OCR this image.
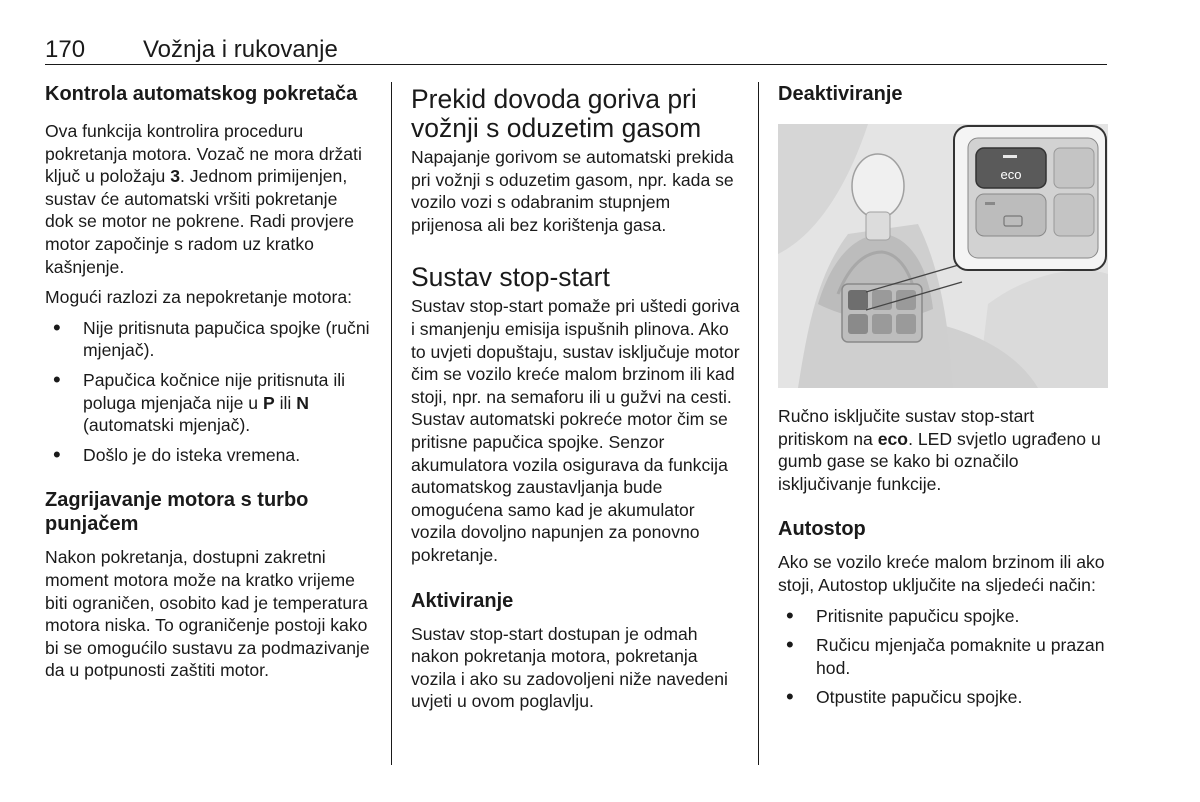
170 Vožnja i rukovanje
Kontrola automatskog pokretača

Ova funkcija kontrolira proceduru pokretanja motora. Vozač ne mora držati ključ u položaju 3. Jednom primijenjen, sustav će automatski vršiti pokretanje dok se motor ne pokrene. Radi provjere motor započinje s radom uz kratko kašnjenje.

Mogući razlozi za nepokretanje motora:

• Nije pritisnuta papučica spojke (ručni mjenjač).
• Papučica kočnice nije pritisnuta ili poluga mjenjača nije u P ili N (automatski mjenjač).
• Došlo je do isteka vremena.
Zagrijavanje motora s turbo punjačem

Nakon pokretanja, dostupni zakretni moment motora može na kratko vrijeme biti ograničen, osobito kad je temperatura motora niska. To ograničenje postoji kako bi se omogućilo sustavu za podmazivanje da u potpunosti zaštiti motor.

Prekid dovoda goriva pri vožnji s oduzetim gasom

Napajanje gorivom se automatski prekida pri vožnji s oduzetim gasom, npr. kada se vozilo vozi s odabranim stupnjem prijenosa ali bez korištenja gasa.

Sustav stop-start

Sustav stop-start pomaže pri uštedi goriva i smanjenju emisija ispušnih plinova. Ako to uvjeti dopuštaju, sustav isključuje motor čim se vozilo kreće malom brzinom ili kad stoji, npr. na semaforu ili u gužvi na cesti. Sustav automatski pokreće motor čim se pritisne papučica spojke. Senzor akumulatora vozila osigurava da funkcija automatskog zaustavljanja bude omogućena samo kad je akumulator vozila dovoljno napunjen za ponovno pokretanje.

Aktiviranje

Sustav stop-start dostupan je odmah nakon pokretanja motora, pokretanja vozila i ako su zadovoljeni niže navedeni uvjeti u ovom poglavlju.

Deaktiviranje
eco

Ručno isključite sustav stop-start pritiskom na eco. LED svjetlo ugrađeno u gumb gase se kako bi označilo isključivanje funkcije.

Autostop

Ako se vozilo kreće malom brzinom ili ako stoji, Autostop uključite na sljedeći način:

• Pritisnite papučicu spojke.
• Ručicu mjenjača pomaknite u prazan hod.
• Otpustite papučicu spojke.
